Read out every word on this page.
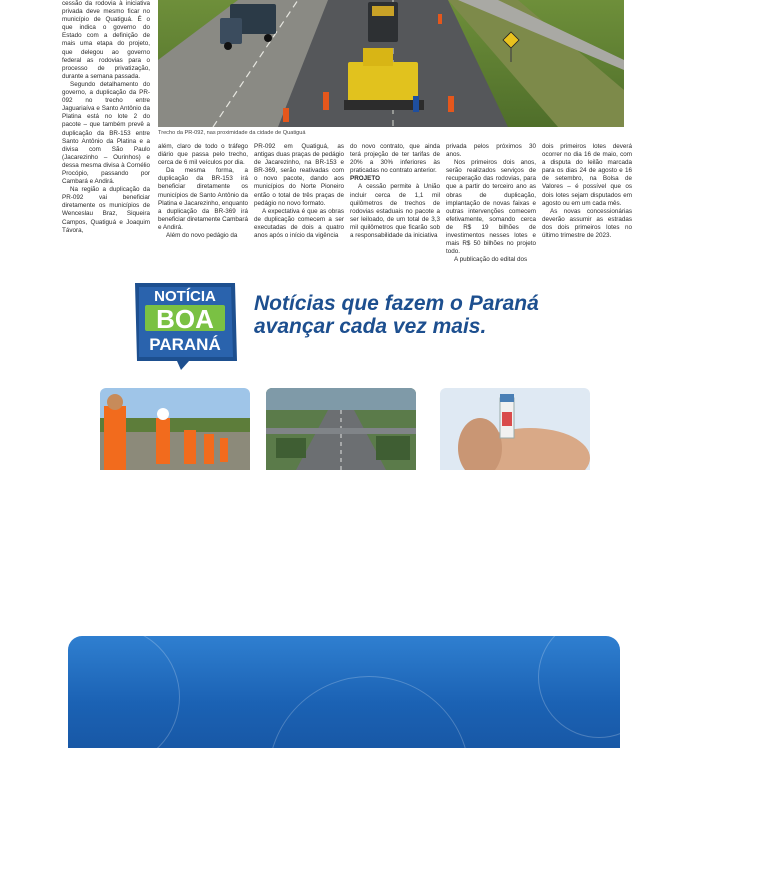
cessão da rodovia à iniciativa privada deve mesmo ficar no município de Quatiguá. É o que indica o governo do Estado com a definição de mais uma etapa do projeto, que delegou ao governo federal as rodovias para o processo de privatização, durante a semana passada.

Segundo detalhamento do governo, a duplicação da PR-092 no trecho entre Jaguariaíva e Santo Antônio da Platina está no lote 2 do pacote – que também prevê a duplicação da BR-153 entre Santo Antônio da Platina e a divisa com São Paulo (Jacarezinho – Ourinhos) e dessa mesma divisa à Cornélio Procópio, passando por Cambará e Andirá.

Na região a duplicação da PR-092 vai beneficiar diretamente os municípios de Wenceslau Braz, Siqueira Campos, Quatiguá e Joaquim Távora,

Trecho da PR-092, nas proximidade da cidade de Quatiguá

além, claro de todo o tráfego diário que passa pelo trecho, cerca de 6 mil veículos por dia.

Da mesma forma, a duplicação da BR-153 irá beneficiar diretamente os municípios de Santo Antônio da Platina e Jacarezinho, enquanto a duplicação da BR-369 irá beneficiar diretamente Cambará e Andirá.

Além do novo pedágio da

PR-092 em Quatiguá, as antigas duas praças de pedágio de Jacarezinho, na BR-153 e BR-369, serão reativadas com o novo pacote, dando aos municípios do Norte Pioneiro então o total de três praças de pedágio no novo formato.

A expectativa é que as obras de duplicação comecem a ser executadas de dois a quatro anos após o início da vigência

do novo contrato, que ainda terá projeção de ter tarifas de 20% a 30% inferiores às praticadas no contrato anterior.

PROJETO

A cessão permite à União incluir cerca de 1,1 mil quilômetros de trechos de rodovias estaduais no pacote a ser leiloado, de um total de 3,3 mil quilômetros que ficarão sob a responsabilidade da iniciativa

privada pelos próximos 30 anos.

Nos primeiros dois anos, serão realizados serviços de recuperação das rodovias, para que a partir do terceiro ano as obras de duplicação, implantação de novas faixas e outras intervenções comecem efetivamente, somando cerca de R$ 19 bilhões de investimentos nesses lotes e mais R$ 50 bilhões no projeto todo.

A publicação do edital dos

dois primeiros lotes deverá ocorrer no dia 16 de maio, com a disputa do leilão marcada para os dias 24 de agosto e 16 de setembro, na Bolsa de Valores – é possível que os dois lotes sejam disputados em agosto ou em um cada mês.

As novas concessionárias deverão assumir as estradas dos dois primeiros lotes no último trimestre de 2023.

NOTÍCIA
BOA
PARANÁ
Notícias que fazem o Paraná
avançar cada vez mais.
